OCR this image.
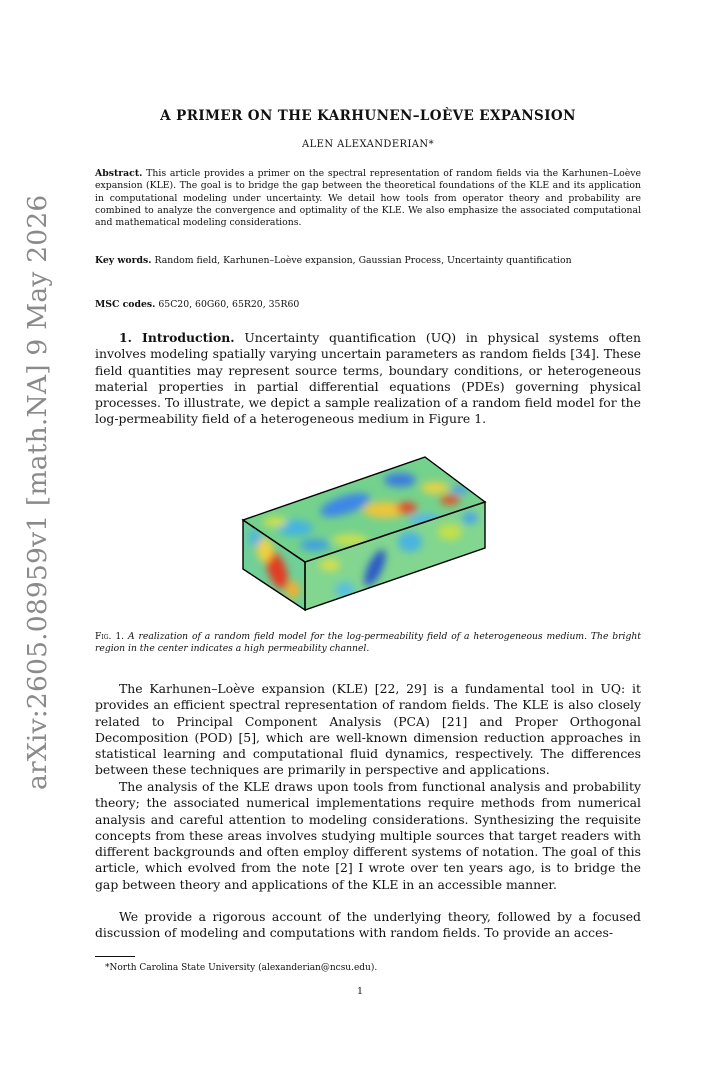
arXiv:2605.08959v1 [math.NA] 9 May 2026
A PRIMER ON THE KARHUNEN–LOÈVE EXPANSION
ALEN ALEXANDERIAN*
Abstract. This article provides a primer on the spectral representation of random fields via the Karhunen–Loève expansion (KLE). The goal is to bridge the gap between the theoretical foundations of the KLE and its application in computational modeling under uncertainty. We detail how tools from operator theory and probability are combined to analyze the convergence and optimality of the KLE. We also emphasize the associated computational and mathematical modeling considerations.
Key words. Random field, Karhunen–Loève expansion, Gaussian Process, Uncertainty quantification
MSC codes. 65C20, 60G60, 65R20, 35R60
1. Introduction. Uncertainty quantification (UQ) in physical systems often involves modeling spatially varying uncertain parameters as random fields [34]. These field quantities may represent source terms, boundary conditions, or heterogeneous material properties in partial differential equations (PDEs) governing physical processes. To illustrate, we depict a sample realization of a random field model for the log-permeability field of a heterogeneous medium in Figure 1.
Fig. 1. A realization of a random field model for the log-permeability field of a heterogeneous medium. The bright region in the center indicates a high permeability channel.
The Karhunen–Loève expansion (KLE) [22, 29] is a fundamental tool in UQ: it provides an efficient spectral representation of random fields. The KLE is also closely related to Principal Component Analysis (PCA) [21] and Proper Orthogonal Decomposition (POD) [5], which are well-known dimension reduction approaches in statistical learning and computational fluid dynamics, respectively. The differences between these techniques are primarily in perspective and applications.
The analysis of the KLE draws upon tools from functional analysis and probability theory; the associated numerical implementations require methods from numerical analysis and careful attention to modeling considerations. Synthesizing the requisite concepts from these areas involves studying multiple sources that target readers with different backgrounds and often employ different systems of notation. The goal of this article, which evolved from the note [2] I wrote over ten years ago, is to bridge the gap between theory and applications of the KLE in an accessible manner.
We provide a rigorous account of the underlying theory, followed by a focused discussion of modeling and computations with random fields. To provide an acces-
*North Carolina State University (alexanderian@ncsu.edu).
1
